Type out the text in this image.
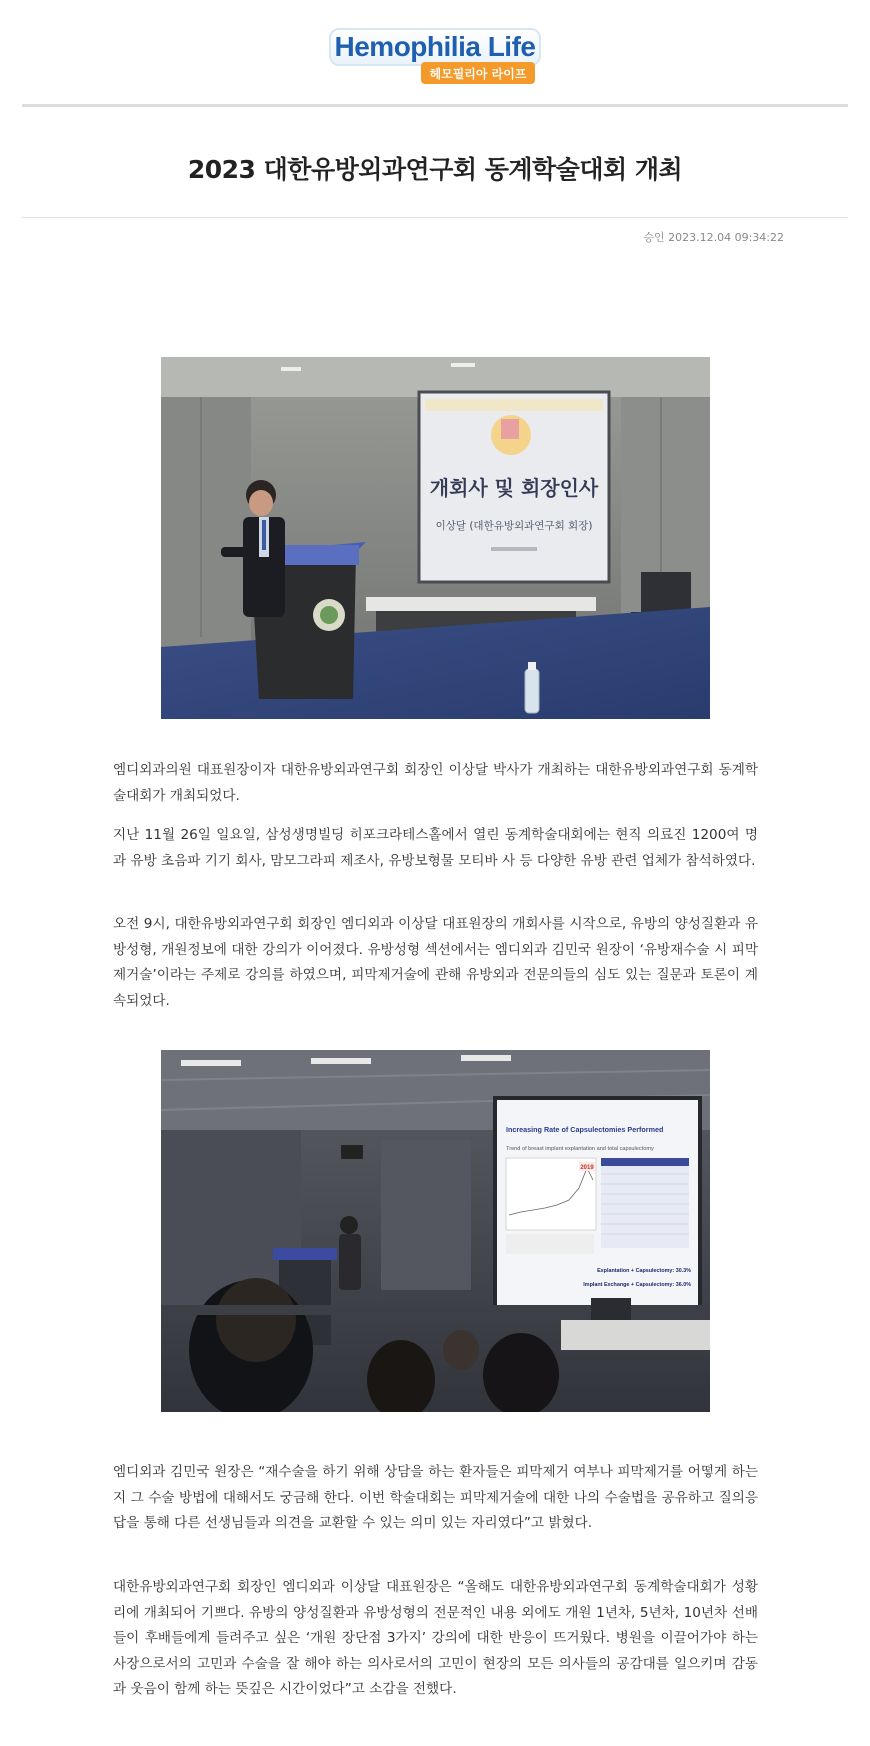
Hemophilia Life
헤모필리아 라이프
2023 대한유방외과연구회 동계학술대회 개최
승인 2023.12.04 09:34:22
개회사 및 회장인사
이상달 (대한유방외과연구회 회장)

엠디외과의원 대표원장이자 대한유방외과연구회 회장인 이상달 박사가 개최하는 대한유방외과연구회 동계학술대회가 개최되었다.

지난 11월 26일 일요일, 삼성생명빌딩 히포크라테스홀에서 열린 동계학술대회에는 현직 의료진 1200여 명과 유방 초음파 기기 회사, 맘모그라피 제조사, 유방보형물 모티바 사 등 다양한 유방 관련 업체가 참석하였다.

오전 9시, 대한유방외과연구회 회장인 엠디외과 이상달 대표원장의 개회사를 시작으로, 유방의 양성질환과 유방성형, 개원정보에 대한 강의가 이어졌다. 유방성형 섹션에서는 엠디외과 김민국 원장이 ‘유방재수술 시 피막제거술’이라는 주제로 강의를 하였으며, 피막제거술에 관해 유방외과 전문의들의 심도 있는 질문과 토론이 계속되었다.

Increasing Rate of Capsulectomies Performed
Trend of breast implant explantation and total capsulectomy
2019
Explantation + Capsulectomy: 30.3%
Implant Exchange + Capsulectomy: 36.0%

엠디외과 김민국 원장은 “재수술을 하기 위해 상담을 하는 환자들은 피막제거 여부나 피막제거를 어떻게 하는지 그 수술 방법에 대해서도 궁금해 한다. 이번 학술대회는 피막제거술에 대한 나의 수술법을 공유하고 질의응답을 통해 다른 선생님들과 의견을 교환할 수 있는 의미 있는 자리였다”고 밝혔다.

대한유방외과연구회 회장인 엠디외과 이상달 대표원장은 “올해도 대한유방외과연구회 동계학술대회가 성황리에 개최되어 기쁘다. 유방의 양성질환과 유방성형의 전문적인 내용 외에도 개원 1년차, 5년차, 10년차 선배들이 후배들에게 들려주고 싶은 ‘개원 장단점 3가지’ 강의에 대한 반응이 뜨거웠다. 병원을 이끌어가야 하는 사장으로서의 고민과 수술을 잘 해야 하는 의사로서의 고민이 현장의 모든 의사들의 공감대를 일으키며 감동과 웃음이 함께 하는 뜻깊은 시간이었다”고 소감을 전했다.
